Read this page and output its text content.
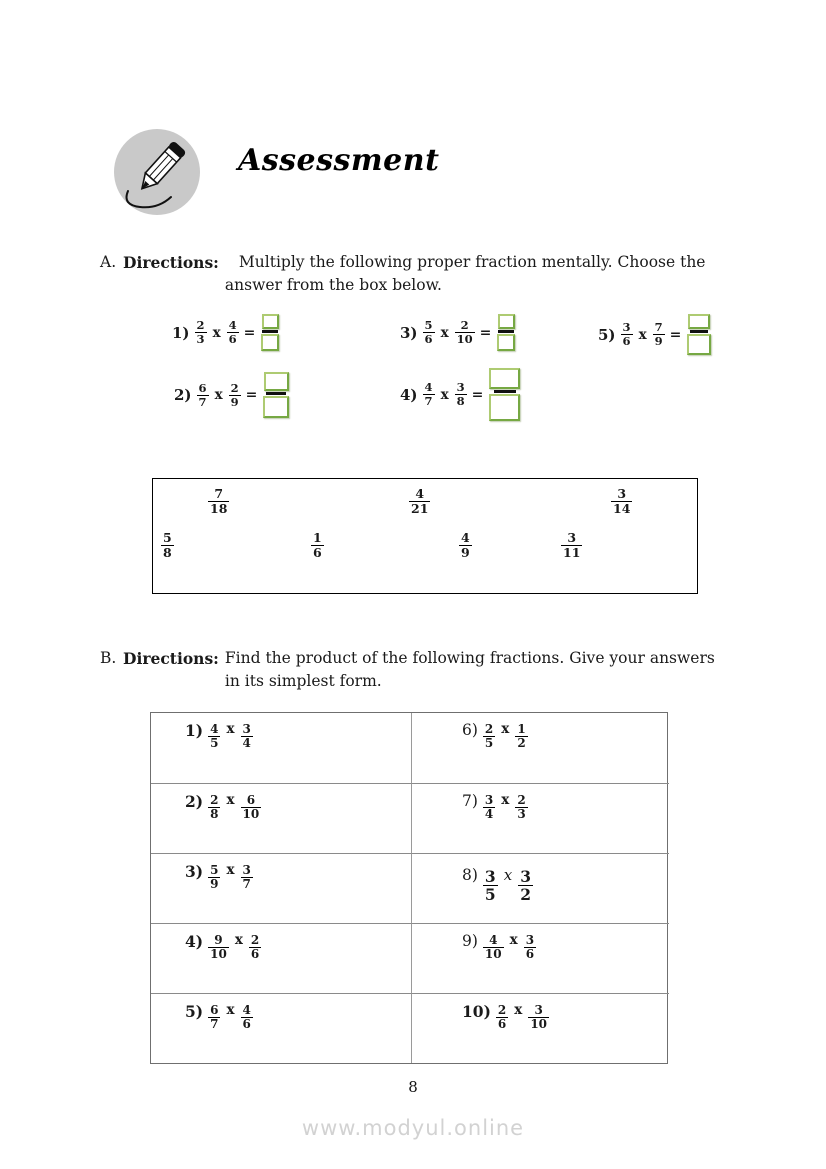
Assessment
A. Directions:	Multiply the following proper fraction mentally. Choose the
answer from the box below.
$1) \frac{2}{3}$ x $\frac{4}{6}$ =	$3) \frac{5}{6}$ x $\frac{2}{10}$ =	$5) \frac{3}{6}$ x $\frac{7}{9}$ =
$2) \frac{6}{7}$ x $\frac{2}{9}$ =	$4) \frac{4}{7}$ x $\frac{3}{8}$ =
$\frac{7}{18}$	$\frac{4}{21}$	$\frac{3}{14}$
$\frac{5}{8}$	$\frac{1}{6}$	$\frac{4}{9}$	$\frac{3}{11}$
B. Directions: Find the product of the following fractions. Give your answers
in its simplest form.
$1) \frac{4}{5}$ x $\frac{3}{4}$	$6) \frac{2}{5}$ x $\frac{1}{2}$
$2) \frac{2}{8}$ x $\frac{6}{10}$	$7) \frac{3}{4}$ x $\frac{2}{3}$
$3) \frac{5}{9}$ x $\frac{3}{7}$	$8) \frac{3}{5}$ x $\frac{3}{2}$
$4) \frac{9}{10}$ x $\frac{2}{6}$	$9) \frac{4}{10}$ x $\frac{3}{6}$
$5) \frac{6}{7}$ x $\frac{4}{6}$	$10) \frac{2}{6}$ x $\frac{3}{10}$
8
www.modyul.online
